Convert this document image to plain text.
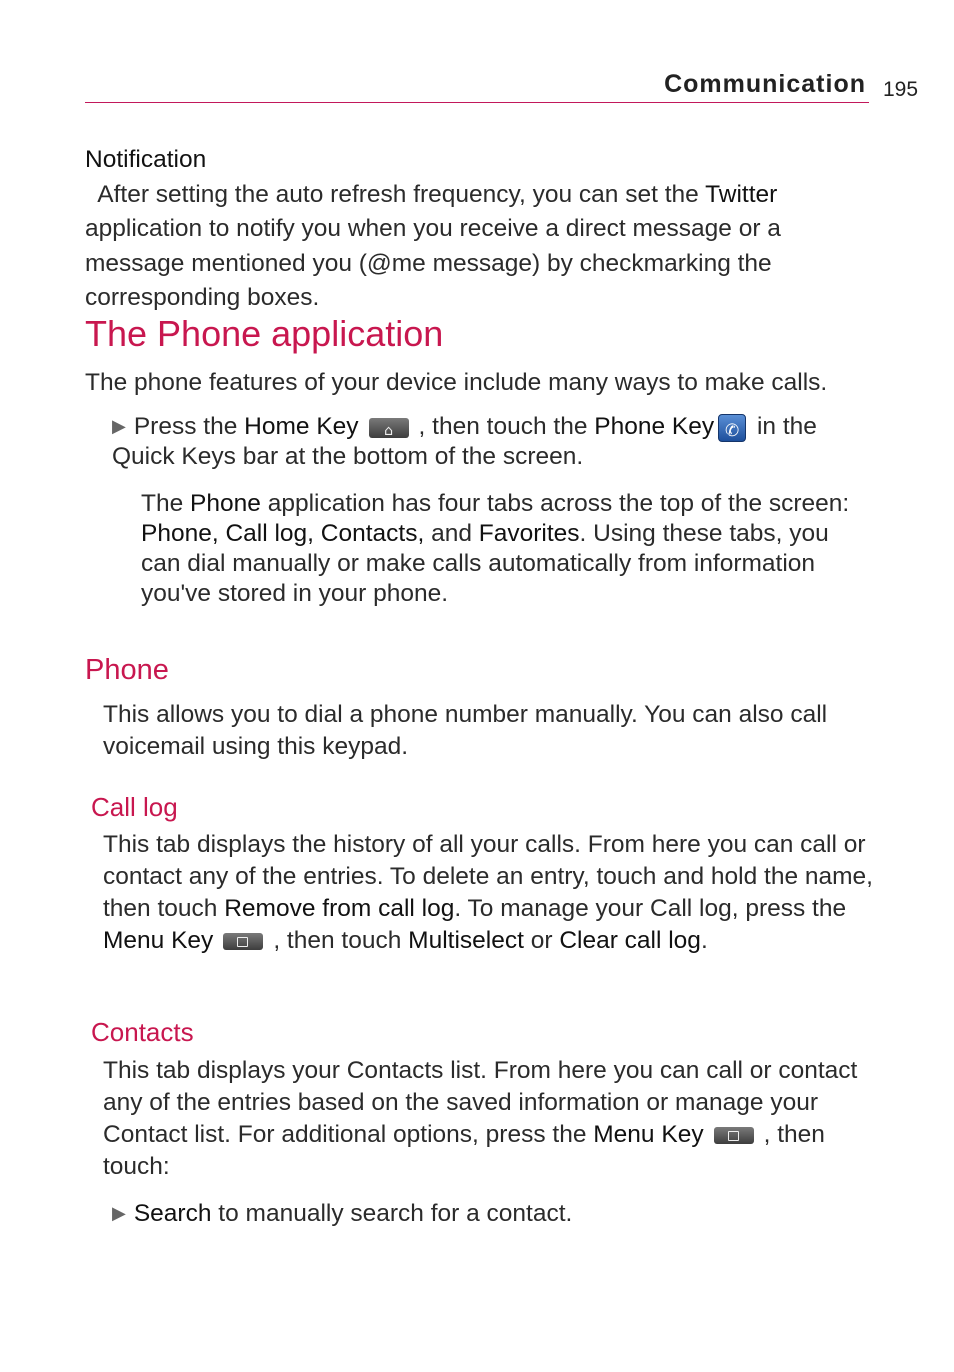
Communication 195

Notification  After setting the auto refresh frequency, you can set the Twitter application to notify you when you receive a direct message or a message mentioned you (@me message) by checkmarking the corresponding boxes.

The Phone application

The phone features of your device include many ways to make calls.

▶ Press the Home Key⌂ , then touch the Phone Key✆ in the Quick Keys bar at the bottom of the screen.

The Phone application has four tabs across the top of the screen: Phone, Call log, Contacts, and Favorites. Using these tabs, you can dial manually or make calls automatically from information you've stored in your phone.

Phone

This allows you to dial a phone number manually. You can also call voicemail using this keypad.

Call log

This tab displays the history of all your calls. From here you can call or contact any of the entries. To delete an entry, touch and hold the name, then touch Remove from call log. To manage your Call log, press the Menu Key , then touch Multiselect or Clear call log.

Contacts

This tab displays your Contacts list. From here you can call or contact any of the entries based on the saved information or manage your Contact list. For additional options, press the Menu Key , then touch:

▶ Search to manually search for a contact.
